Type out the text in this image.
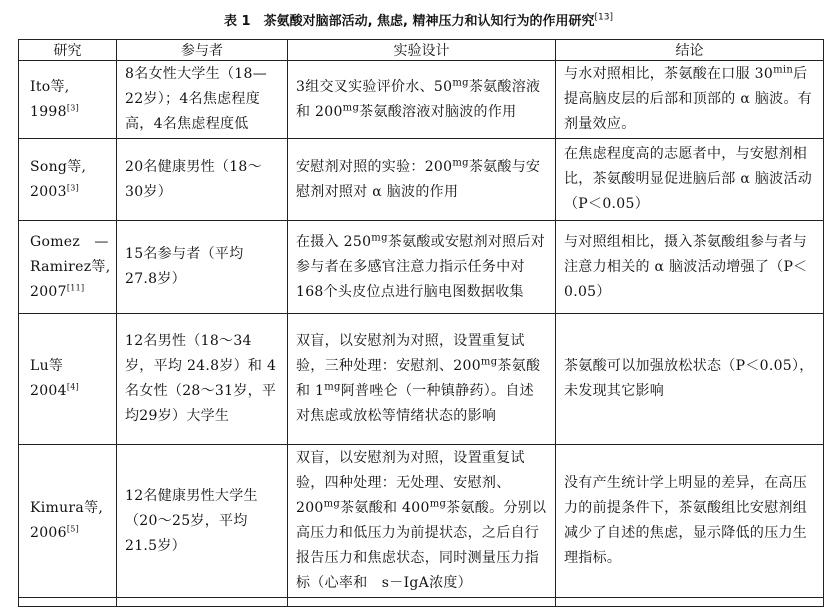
表 1　茶氨酸对脑部活动, 焦虑, 精神压力和认知行为的作用研究[13]
研究	参与者	实验设计	结论
Ito等,
1998[3]	8名女性大学生（18—22岁）；4名焦虑程度高，4名焦虑程度低	3组交叉实验评价水、$50^{mg}$茶氨酸溶液和 $200^{mg}$茶氨酸溶液对脑波的作用	与水对照相比，茶氨酸在口服 $30^{min}$后提高脑皮层的后部和顶部的 α 脑波。有剂量效应。
Song等,
2003[3]	20名健康男性（18～30岁）	安慰剂对照的实验：$200^{mg}$茶氨酸与安慰剂对照对 α 脑波的作用	在焦虑程度高的志愿者中，与安慰剂相比，茶氨酸明显促进脑后部 α 脑波活动（P＜0.05）
Gomez　—Ramirez等,
2007[11]	15名参与者（平均 27.8岁）	在摄入 $250^{mg}$茶氨酸或安慰剂对照后对参与者在多感官注意力指示任务中对168个头皮位点进行脑电图数据收集	与对照组相比，摄入茶氨酸组参与者与注意力相关的 α 脑波活动增强了（P＜0.05）
Lu等
2004[4]	12名男性（18～34岁，平均 24.8岁）和 4名女性（28～31岁，平均29岁）大学生	双盲，以安慰剂为对照，设置重复试验，三种处理：安慰剂、$200^{mg}$茶氨酸和 $1^{mg}$阿普唑仑（一种镇静药）。自述对焦虑或放松等情绪状态的影响	茶氨酸可以加强放松状态（P＜0.05），未发现其它影响
Kimura等,
2006[5]	12名健康男性大学生（20～25岁，平均 21.5岁）	双盲，以安慰剂为对照，设置重复试验，四种处理：无处理、安慰剂、$200^{mg}$茶氨酸和 $400^{mg}$茶氨酸。分别以高压力和低压力为前提状态，之后自行报告压力和焦虑状态，同时测量压力指标（心率和　s－IgA浓度）	没有产生统计学上明显的差异，在高压力的前提条件下，茶氨酸组比安慰剂组减少了自述的焦虑，显示降低的压力生理指标。
